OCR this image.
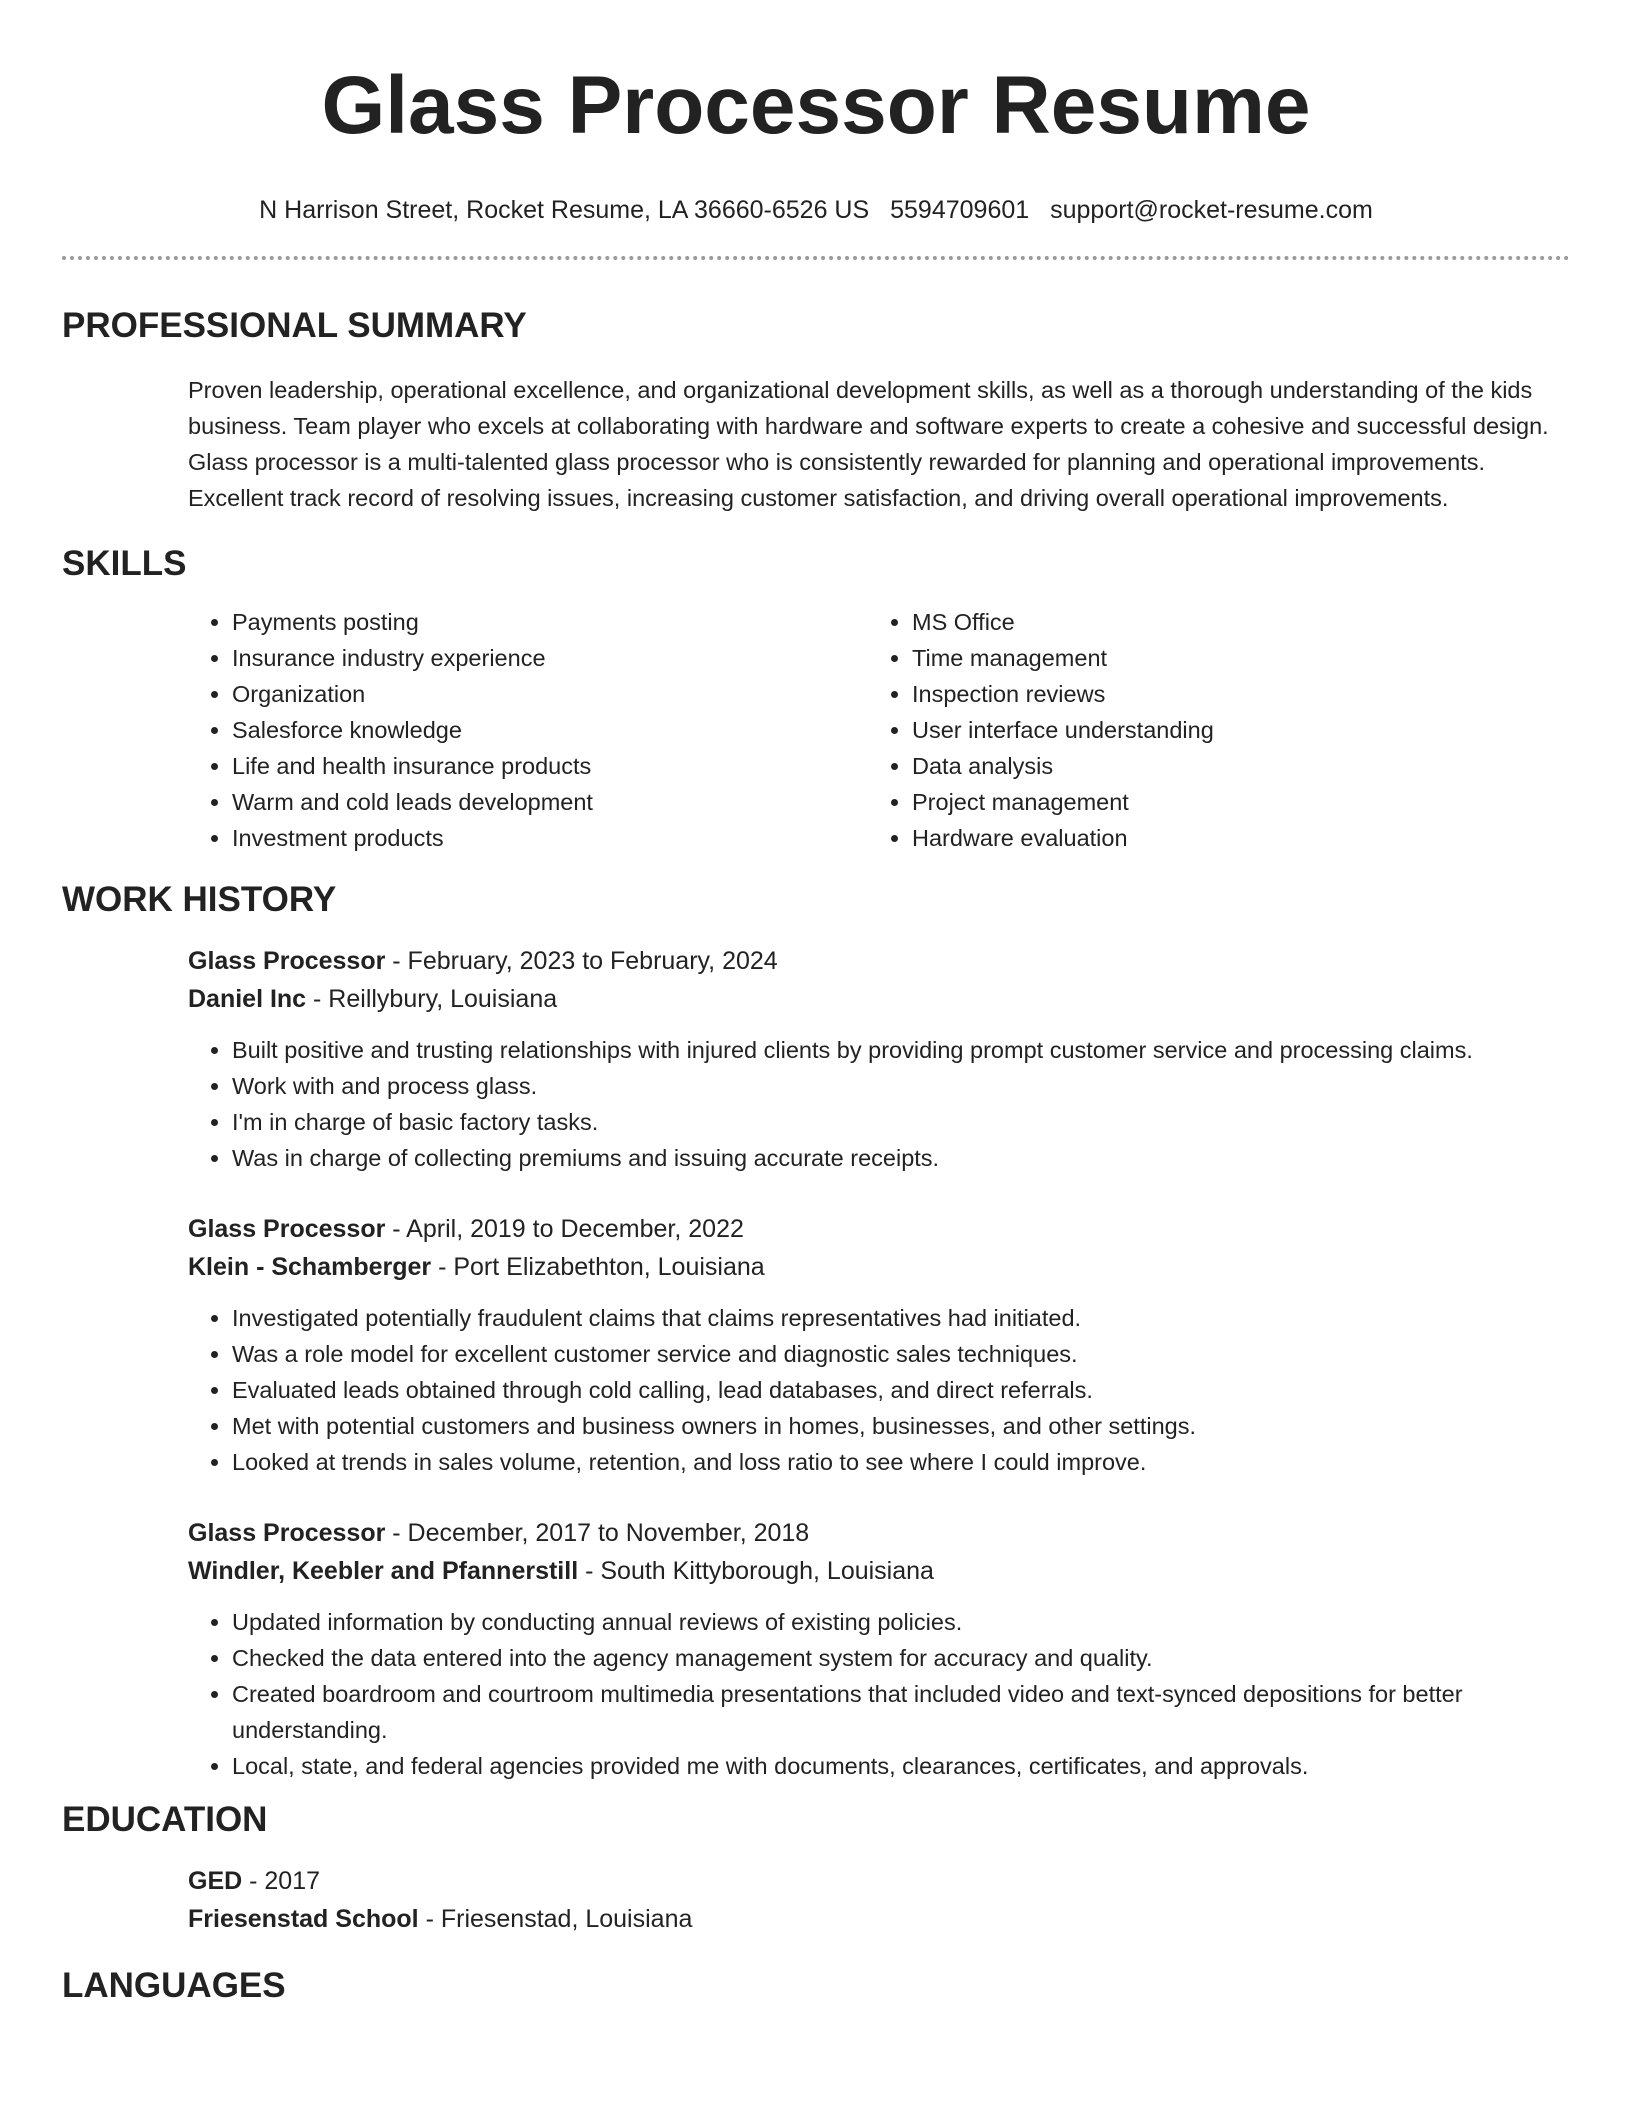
Glass Processor Resume
N Harrison Street, Rocket Resume, LA 36660-6526 US 5594709601 support@rocket-resume.com
PROFESSIONAL SUMMARY
Proven leadership, operational excellence, and organizational development skills, as well as a thorough understanding of the kids business. Team player who excels at collaborating with hardware and software experts to create a cohesive and successful design. Glass processor is a multi-talented glass processor who is consistently rewarded for planning and operational improvements. Excellent track record of resolving issues, increasing customer satisfaction, and driving overall operational improvements.
SKILLS
• Payments posting
• Insurance industry experience
• Organization
• Salesforce knowledge
• Life and health insurance products
• Warm and cold leads development
• Investment products
• MS Office
• Time management
• Inspection reviews
• User interface understanding
• Data analysis
• Project management
• Hardware evaluation
WORK HISTORY
Glass Processor - February, 2023 to February, 2024
Daniel Inc - Reillybury, Louisiana
• Built positive and trusting relationships with injured clients by providing prompt customer service and processing claims.
• Work with and process glass.
• I'm in charge of basic factory tasks.
• Was in charge of collecting premiums and issuing accurate receipts.
Glass Processor - April, 2019 to December, 2022
Klein - Schamberger - Port Elizabethton, Louisiana
• Investigated potentially fraudulent claims that claims representatives had initiated.
• Was a role model for excellent customer service and diagnostic sales techniques.
• Evaluated leads obtained through cold calling, lead databases, and direct referrals.
• Met with potential customers and business owners in homes, businesses, and other settings.
• Looked at trends in sales volume, retention, and loss ratio to see where I could improve.
Glass Processor - December, 2017 to November, 2018
Windler, Keebler and Pfannerstill - South Kittyborough, Louisiana
• Updated information by conducting annual reviews of existing policies.
• Checked the data entered into the agency management system for accuracy and quality.
• Created boardroom and courtroom multimedia presentations that included video and text-synced depositions for better understanding.
• Local, state, and federal agencies provided me with documents, clearances, certificates, and approvals.
EDUCATION
GED - 2017
Friesenstad School - Friesenstad, Louisiana
LANGUAGES
